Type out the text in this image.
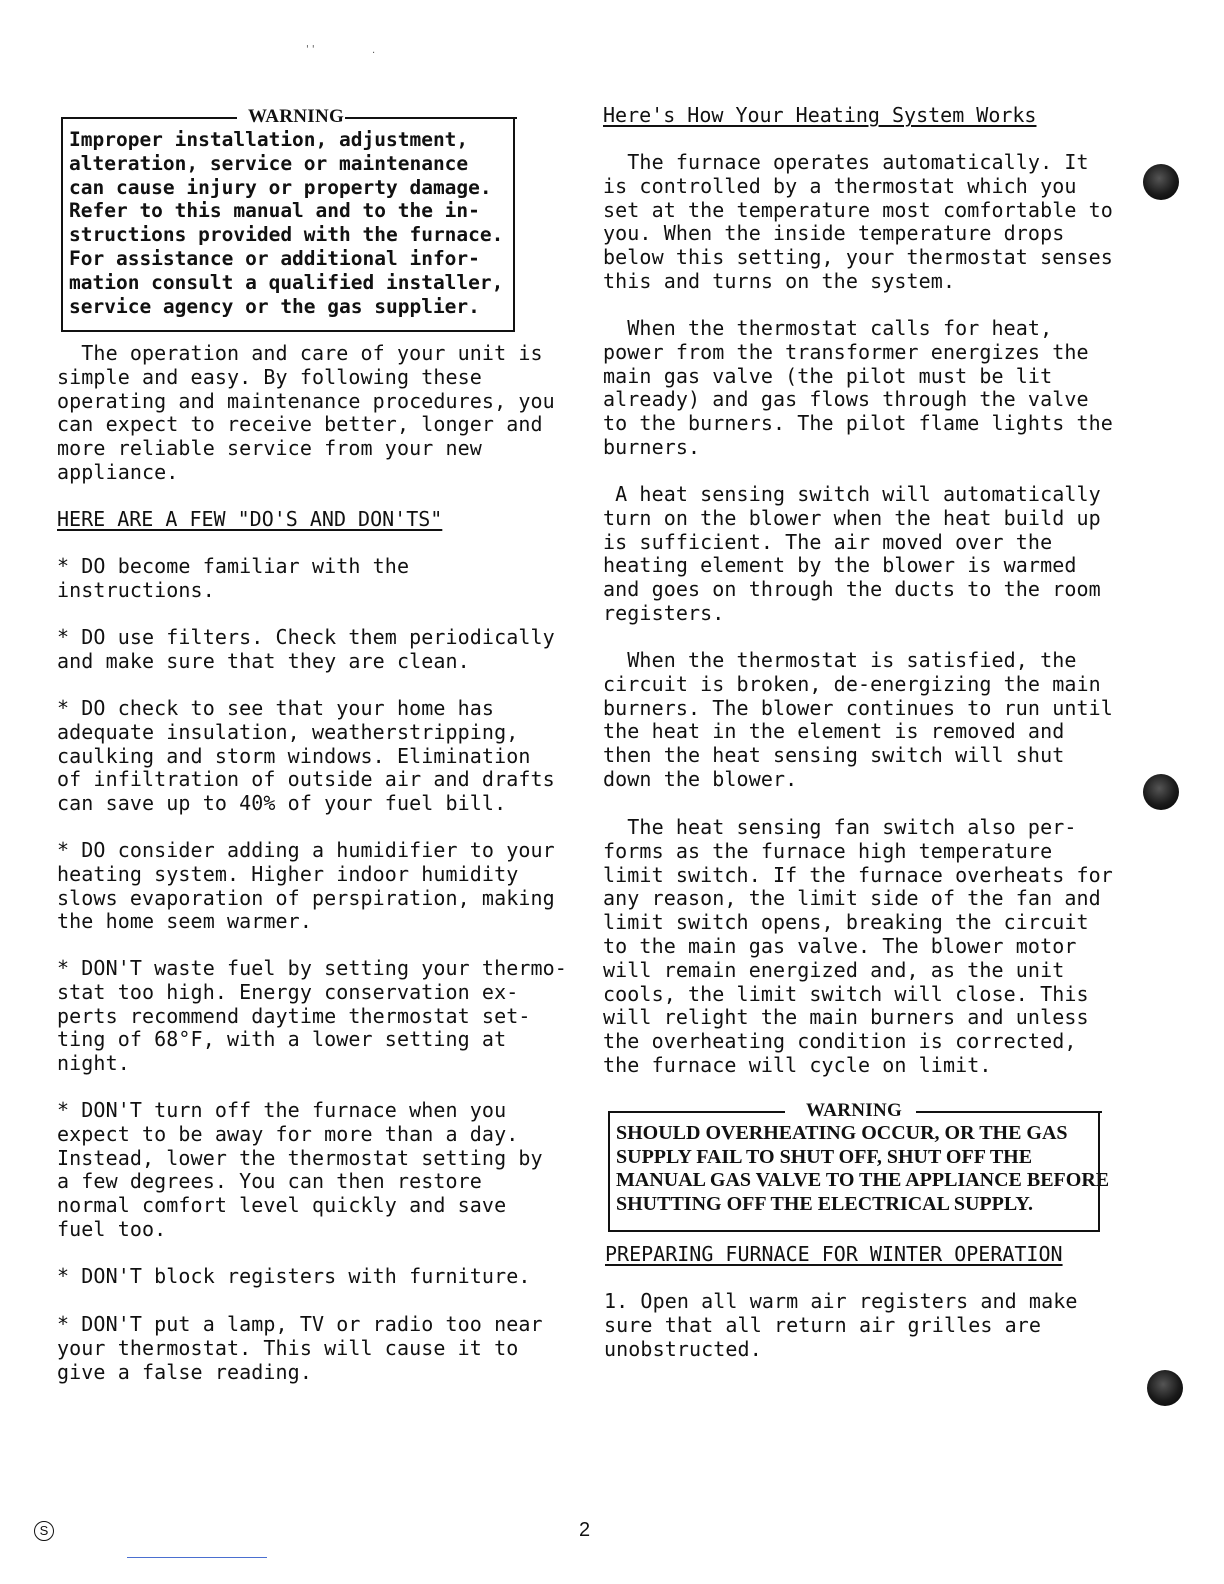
' '	·
WARNING
Improper installation, adjustment,
alteration, service or maintenance
can cause injury or property damage.
Refer to this manual and to the in-
structions provided with the furnace.
For assistance or additional infor-
mation consult a qualified installer,
service agency or the gas supplier.
The operation and care of your unit is
simple and easy. By following these
operating and maintenance procedures, you
can expect to receive better, longer and
more reliable service from your new
appliance.
HERE ARE A FEW "DO'S AND DON'TS"
* DO become familiar with the
instructions.
* DO use filters. Check them periodically
and make sure that they are clean.
* DO check to see that your home has
adequate insulation, weatherstripping,
caulking and storm windows. Elimination
of infiltration of outside air and drafts
can save up to 40% of your fuel bill.
* DO consider adding a humidifier to your
heating system. Higher indoor humidity
slows evaporation of perspiration, making
the home seem warmer.
* DON'T waste fuel by setting your thermo-
stat too high. Energy conservation ex-
perts recommend daytime thermostat set-
ting of 68°F, with a lower setting at
night.
* DON'T turn off the furnace when you
expect to be away for more than a day.
Instead, lower the thermostat setting by
a few degrees. You can then restore
normal comfort level quickly and save
fuel too.
* DON'T block registers with furniture.
* DON'T put a lamp, TV or radio too near
your thermostat. This will cause it to
give a false reading.
Here's How Your Heating System Works
The furnace operates automatically. It
is controlled by a thermostat which you
set at the temperature most comfortable to
you. When the inside temperature drops
below this setting, your thermostat senses
this and turns on the system.
When the thermostat calls for heat,
power from the transformer energizes the
main gas valve (the pilot must be lit
already) and gas flows through the valve
to the burners. The pilot flame lights the
burners.
A heat sensing switch will automatically
turn on the blower when the heat build up
is sufficient. The air moved over the
heating element by the blower is warmed
and goes on through the ducts to the room
registers.
When the thermostat is satisfied, the
circuit is broken, de-energizing the main
burners. The blower continues to run until
the heat in the element is removed and
then the heat sensing switch will shut
down the blower.
The heat sensing fan switch also per-
forms as the furnace high temperature
limit switch. If the furnace overheats for
any reason, the limit side of the fan and
limit switch opens, breaking the circuit
to the main gas valve. The blower motor
will remain energized and, as the unit
cools, the limit switch will close. This
will relight the main burners and unless
the overheating condition is corrected,
the furnace will cycle on limit.
WARNING
SHOULD OVERHEATING OCCUR, OR THE GAS
SUPPLY FAIL TO SHUT OFF, SHUT OFF THE
MANUAL GAS VALVE TO THE APPLIANCE BEFORE
SHUTTING OFF THE ELECTRICAL SUPPLY.
PREPARING FURNACE FOR WINTER OPERATION
1. Open all warm air registers and make
sure that all return air grilles are
unobstructed.
S	2
